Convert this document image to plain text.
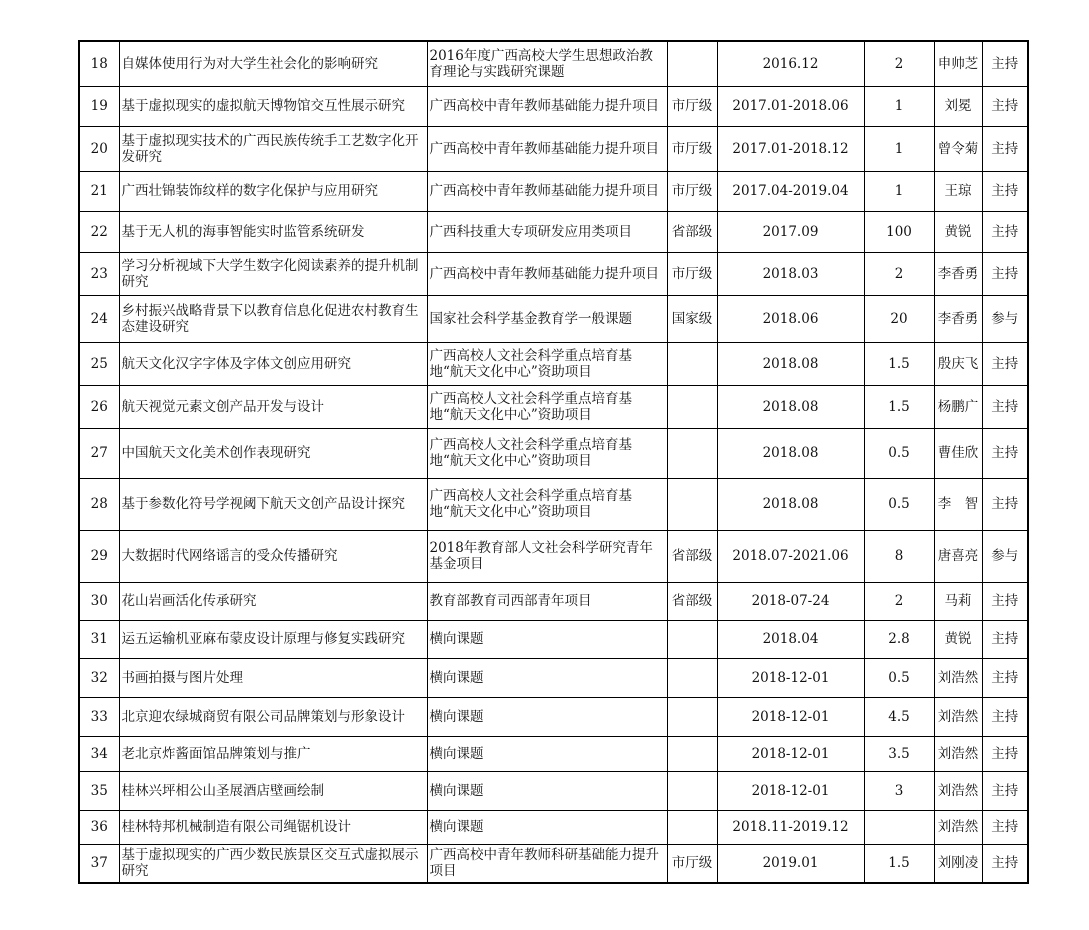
18	自媒体使用行为对大学生社会化的影响研究	2016年度广西高校大学生思想政治教育理论与实践研究课题		2016.12	2	申帅芝	主持
19	基于虚拟现实的虚拟航天博物馆交互性展示研究	广西高校中青年教师基础能力提升项目	市厅级	2017.01-2018.06	1	刘冕	主持
20	基于虚拟现实技术的广西民族传统手工艺数字化开发研究	广西高校中青年教师基础能力提升项目	市厅级	2017.01-2018.12	1	曾令菊	主持
21	广西壮锦装饰纹样的数字化保护与应用研究	广西高校中青年教师基础能力提升项目	市厅级	2017.04-2019.04	1	王琼	主持
22	基于无人机的海事智能实时监管系统研发	广西科技重大专项研发应用类项目	省部级	2017.09	100	黄锐	主持
23	学习分析视域下大学生数字化阅读素养的提升机制研究	广西高校中青年教师基础能力提升项目	市厅级	2018.03	2	李香勇	主持
24	乡村振兴战略背景下以教育信息化促进农村教育生态建设研究	国家社会科学基金教育学一般课题	国家级	2018.06	20	李香勇	参与
25	航天文化汉字字体及字体文创应用研究	广西高校人文社会科学重点培育基地“航天文化中心”资助项目		2018.08	1.5	殷庆飞	主持
26	航天视觉元素文创产品开发与设计	广西高校人文社会科学重点培育基地“航天文化中心”资助项目		2018.08	1.5	杨鹏广	主持
27	中国航天文化美术创作表现研究	广西高校人文社会科学重点培育基地“航天文化中心”资助项目		2018.08	0.5	曹佳欣	主持
28	基于参数化符号学视阈下航天文创产品设计探究	广西高校人文社会科学重点培育基地“航天文化中心”资助项目		2018.08	0.5	李　智	主持
29	大数据时代网络谣言的受众传播研究	2018年教育部人文社会科学研究青年基金项目	省部级	2018.07-2021.06	8	唐喜亮	参与
30	花山岩画活化传承研究	教育部教育司西部青年项目	省部级	2018-07-24	2	马莉	主持
31	运五运输机亚麻布蒙皮设计原理与修复实践研究	横向课题		2018.04	2.8	黄锐	主持
32	书画拍摄与图片处理	横向课题		2018-12-01	0.5	刘浩然	主持
33	北京迎农绿城商贸有限公司品牌策划与形象设计	横向课题		2018-12-01	4.5	刘浩然	主持
34	老北京炸酱面馆品牌策划与推广	横向课题		2018-12-01	3.5	刘浩然	主持
35	桂林兴坪相公山圣展酒店壁画绘制	横向课题		2018-12-01	3	刘浩然	主持
36	桂林特邦机械制造有限公司绳锯机设计	横向课题		2018.11-2019.12		刘浩然	主持
37	基于虚拟现实的广西少数民族景区交互式虚拟展示研究	广西高校中青年教师科研基础能力提升项目	市厅级	2019.01	1.5	刘刚凌	主持
